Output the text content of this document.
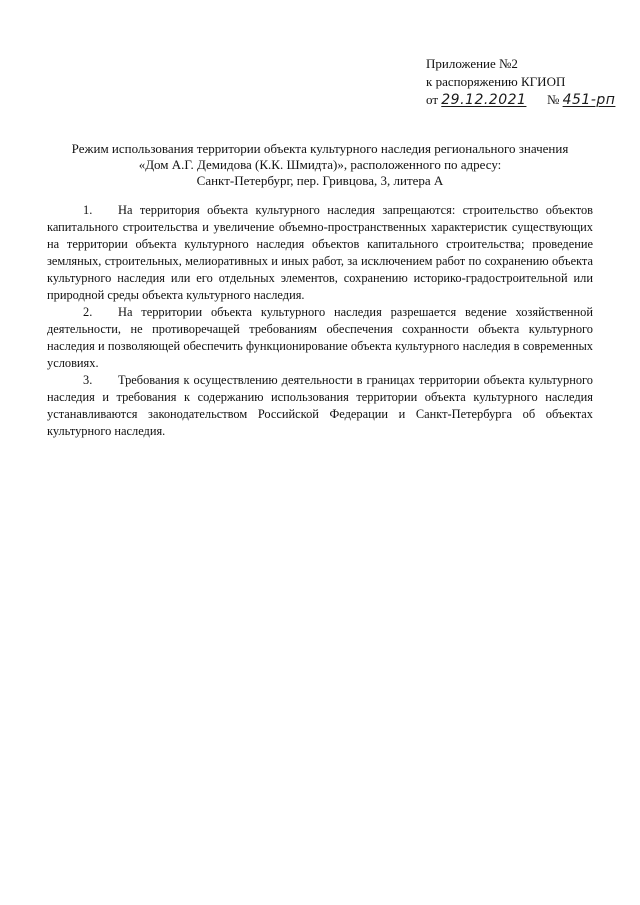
Приложение №2
к распоряжению КГИОП
от 29.12.2021 № 451-рп
Режим использования территории объекта культурного наследия регионального значения
«Дом А.Г. Демидова (К.К. Шмидта)», расположенного по адресу:
Санкт-Петербург, пер. Гривцова, 3, литера А

1. На территория объекта культурного наследия запрещаются: строительство объектов капитального строительства и увеличение объемно-пространственных характеристик существующих на территории объекта культурного наследия объектов капитального строительства; проведение земляных, строительных, мелиоративных и иных работ, за исключением работ по сохранению объекта культурного наследия или его отдельных элементов, сохранению историко-градостроительной или природной среды объекта культурного наследия.

2. На территории объекта культурного наследия разрешается ведение хозяйственной деятельности, не противоречащей требованиям обеспечения сохранности объекта культурного наследия и позволяющей обеспечить функционирование объекта культурного наследия в современных условиях.

3. Требования к осуществлению деятельности в границах территории объекта культурного наследия и требования к содержанию использования территории объекта культурного наследия устанавливаются законодательством Российской Федерации и Санкт-Петербурга об объектах культурного наследия.
